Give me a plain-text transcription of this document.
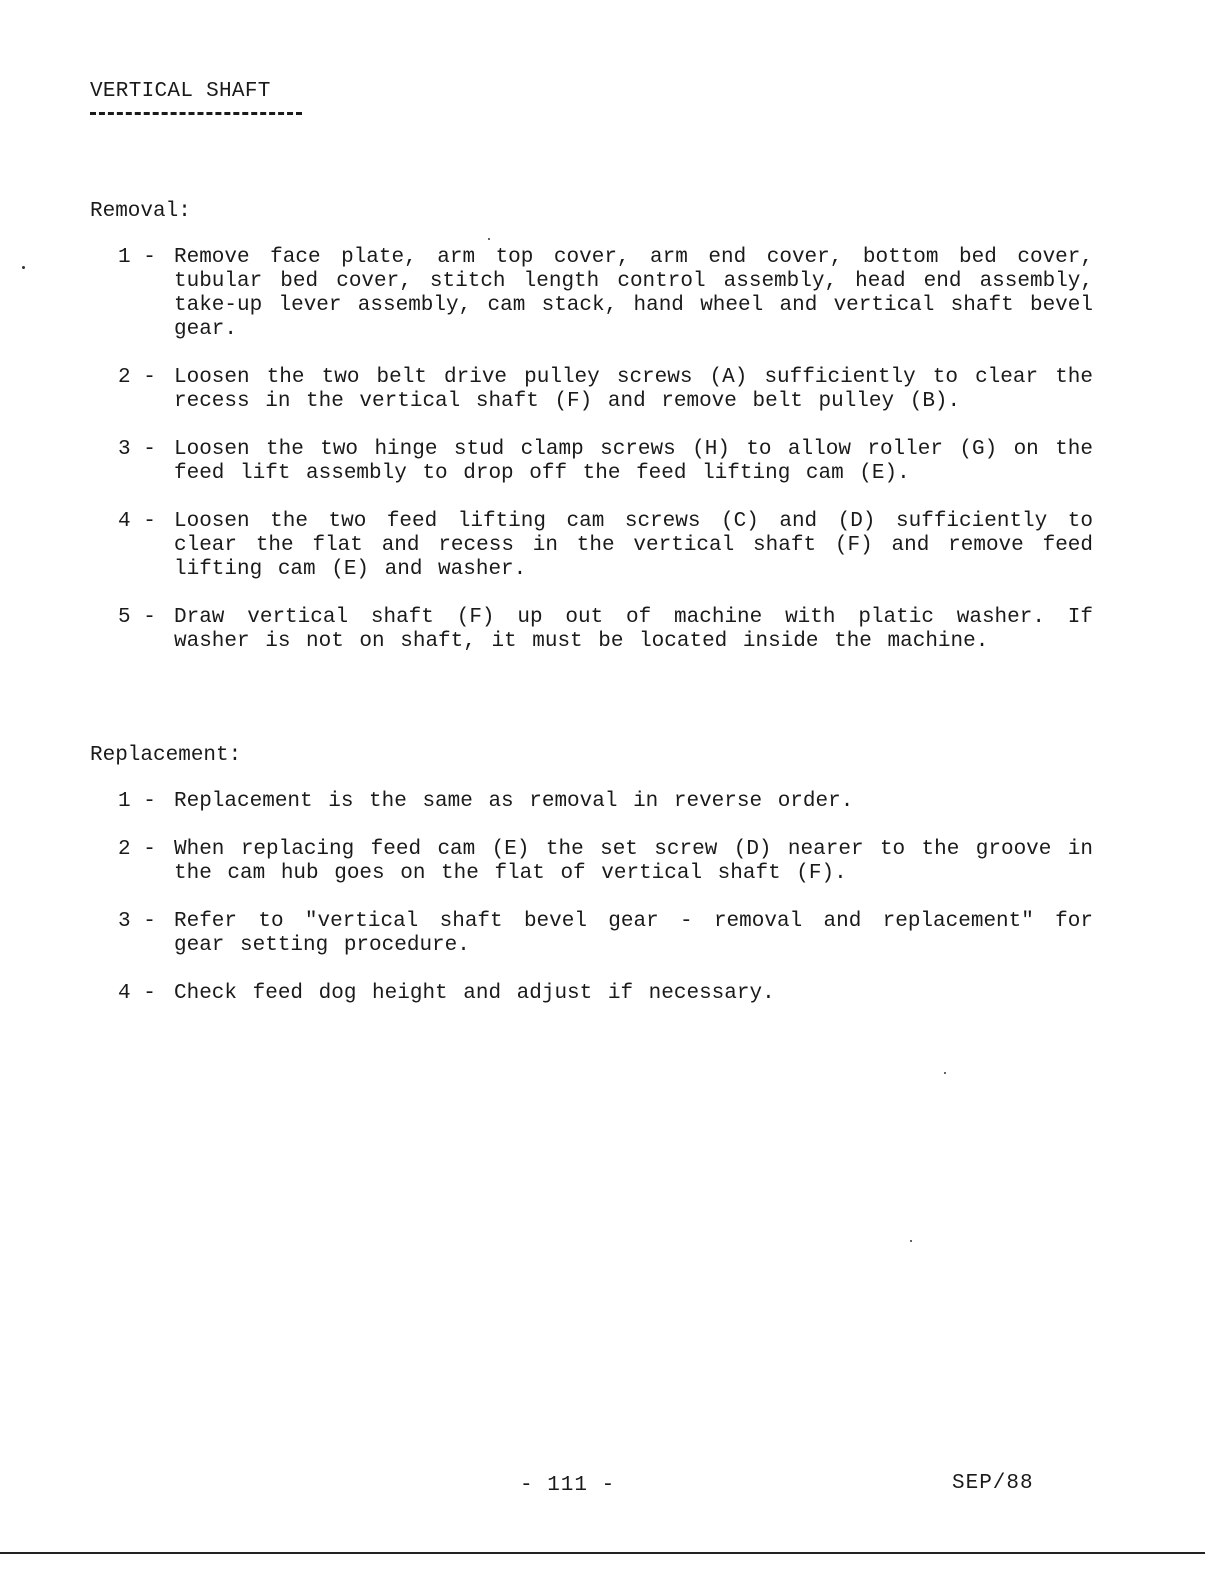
VERTICAL SHAFT
Removal:
1 - Remove face plate, arm top cover, arm end cover, bottom bed cover, tubular bed cover, stitch length control assembly, head end assembly, take-up lever assembly, cam stack, hand wheel and vertical shaft bevel gear.
2 - Loosen the two belt drive pulley screws (A) sufficiently to clear the recess in the vertical shaft (F) and remove belt pulley (B).
3 - Loosen the two hinge stud clamp screws (H) to allow roller (G) on the feed lift assembly to drop off the feed lifting cam (E).
4 - Loosen the two feed lifting cam screws (C) and (D) sufficiently to clear the flat and recess in the vertical shaft (F) and remove feed lifting cam (E) and washer.
5 - Draw vertical shaft (F) up out of machine with platic washer. If washer is not on shaft, it must be located inside the machine.
Replacement:
1 - Replacement is the same as removal in reverse order.
2 - When replacing feed cam (E) the set screw (D) nearer to the groove in the cam hub goes on the flat of vertical shaft (F).
3 - Refer to "vertical shaft bevel gear - removal and replacement" for gear setting procedure.
4 - Check feed dog height and adjust if necessary.
- 111 -	SEP/88
